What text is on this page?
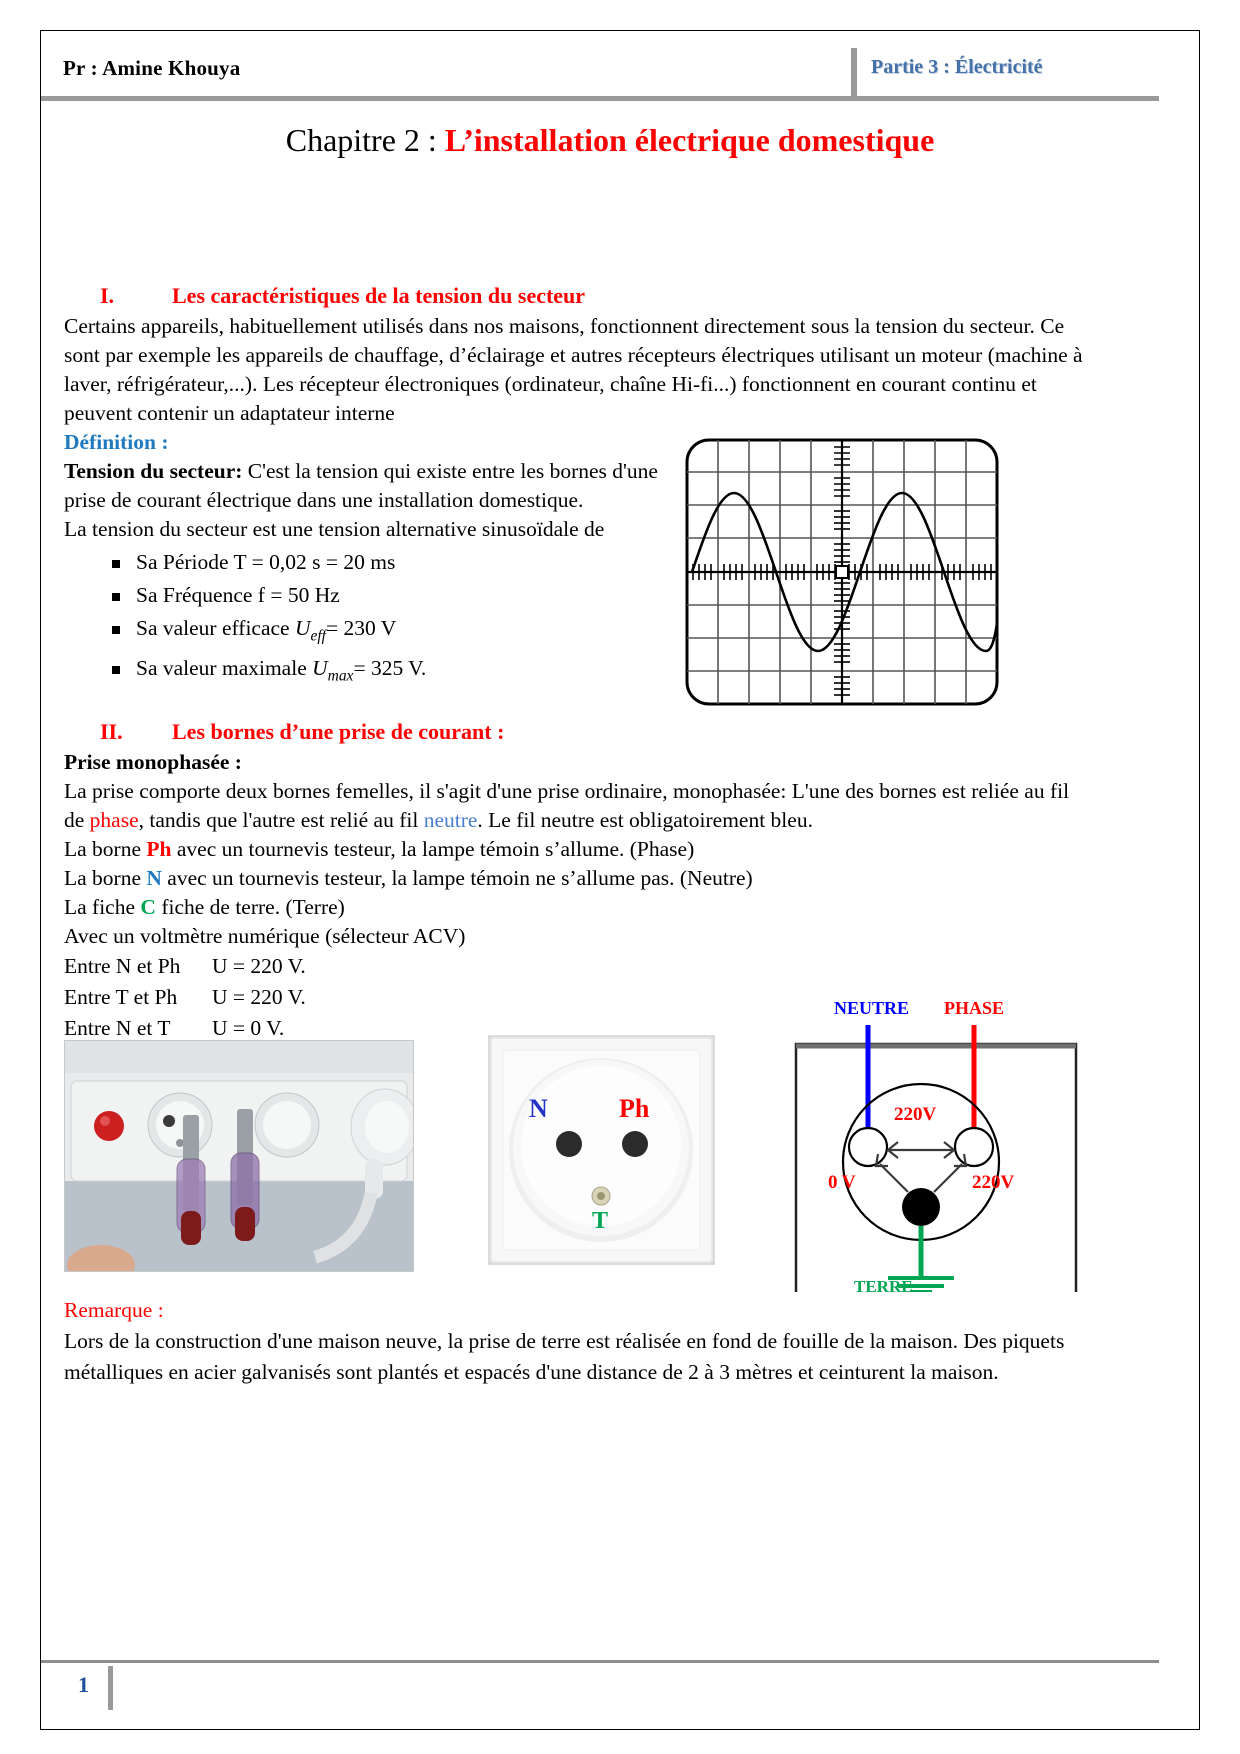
Pr : Amine Khouya	Partie 3 : Électricité
Chapitre 2 : L’installation électrique domestique
I.	Les caractéristiques de la tension du secteur

Certains appareils, habituellement utilisés dans nos maisons, fonctionnent directement sous la tension du secteur. Ce sont par exemple les appareils de chauffage, d’éclairage et autres récepteurs électriques utilisant un moteur (machine à laver, réfrigérateur,...). Les récepteur électroniques (ordinateur, chaîne Hi-fi...) fonctionnent en courant continu et peuvent contenir un adaptateur interne

Définition :

Tension du secteur: C'est la tension qui existe entre les bornes d'une prise de courant électrique dans une installation domestique.

La tension du secteur est une tension alternative sinusoïdale de

Sa Période T = 0,02 s = 20 ms
Sa Fréquence f = 50 Hz
Sa valeur efficace $U_{eff}= 230$ V
Sa valeur maximale $U_{max}= 325$ V.
II. Les bornes d’une prise de courant :

Prise monophasée :

La prise comporte deux bornes femelles, il s'agit d'une prise ordinaire, monophasée: L'une des bornes est reliée au fil de phase, tandis que l'autre est relié au fil neutre. Le fil neutre est obligatoirement bleu.

La borne Ph avec un tournevis testeur, la lampe témoin s’allume. (Phase)

La borne N avec un tournevis testeur, la lampe témoin ne s’allume pas. (Neutre)

La fiche C fiche de terre. (Terre)

Avec un voltmètre numérique (sélecteur ACV)

Entre N et Ph U = 220 V.

Entre T et Ph U = 220 V.

Entre N et T U = 0 V.

N	Ph
T
NEUTRE PHASE
TERRE
220V
0 V	220V

Remarque :

Lors de la construction d'une maison neuve, la prise de terre est réalisée en fond de fouille de la maison. Des piquets métalliques en acier galvanisés sont plantés et espacés d'une distance de 2 à 3 mètres et ceinturent la maison.

1
